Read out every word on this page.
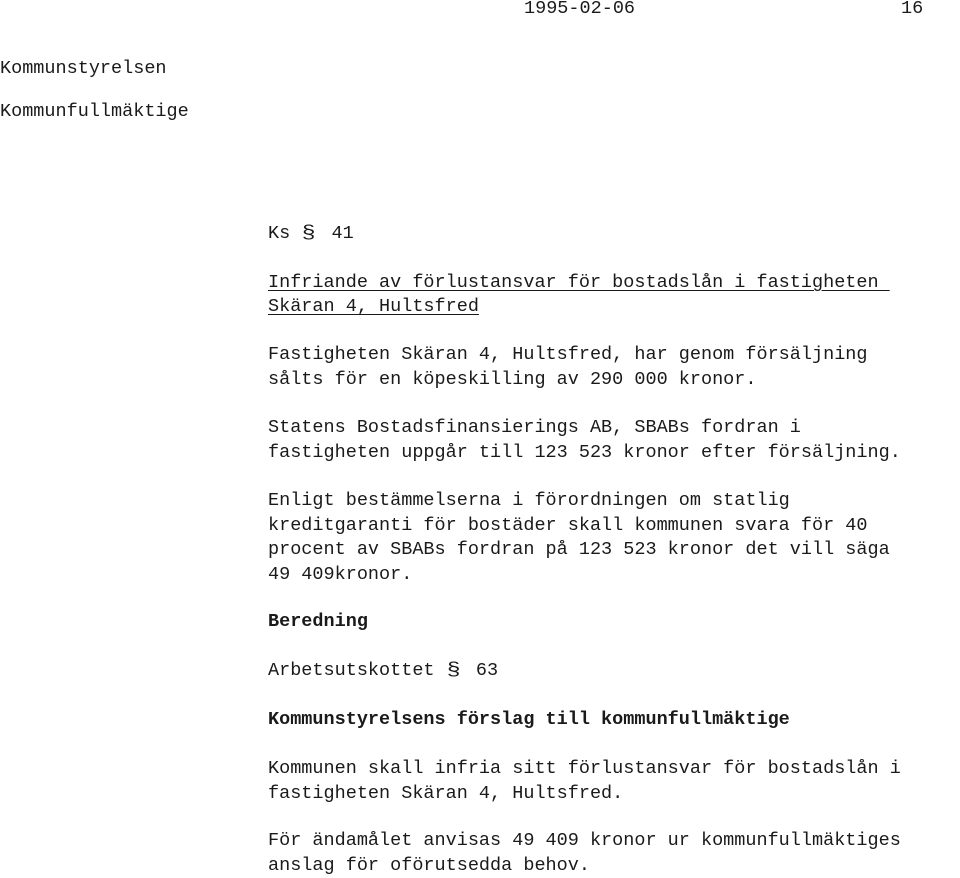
1995-02-06	16
Kommunstyrelsen
Kommunfullmäktige
Ks § 41
Infriande av förlustansvar för bostadslån i fastigheten
Skäran 4, Hultsfred
Fastigheten Skäran 4, Hultsfred, har genom försäljning
sålts för en köpeskilling av 290 000 kronor.
Statens Bostadsfinansierings AB, SBABs fordran i
fastigheten uppgår till 123 523 kronor efter försäljning.
Enligt bestämmelserna i förordningen om statlig
kreditgaranti för bostäder skall kommunen svara för 40
procent av SBABs fordran på 123 523 kronor det vill säga
49 409kronor.
Beredning
Arbetsutskottet § 63
Kommunstyrelsens förslag till kommunfullmäktige
Kommunen skall infria sitt förlustansvar för bostadslån i
fastigheten Skäran 4, Hultsfred.
För ändamålet anvisas 49 409 kronor ur kommunfullmäktiges
anslag för oförutsedda behov.
